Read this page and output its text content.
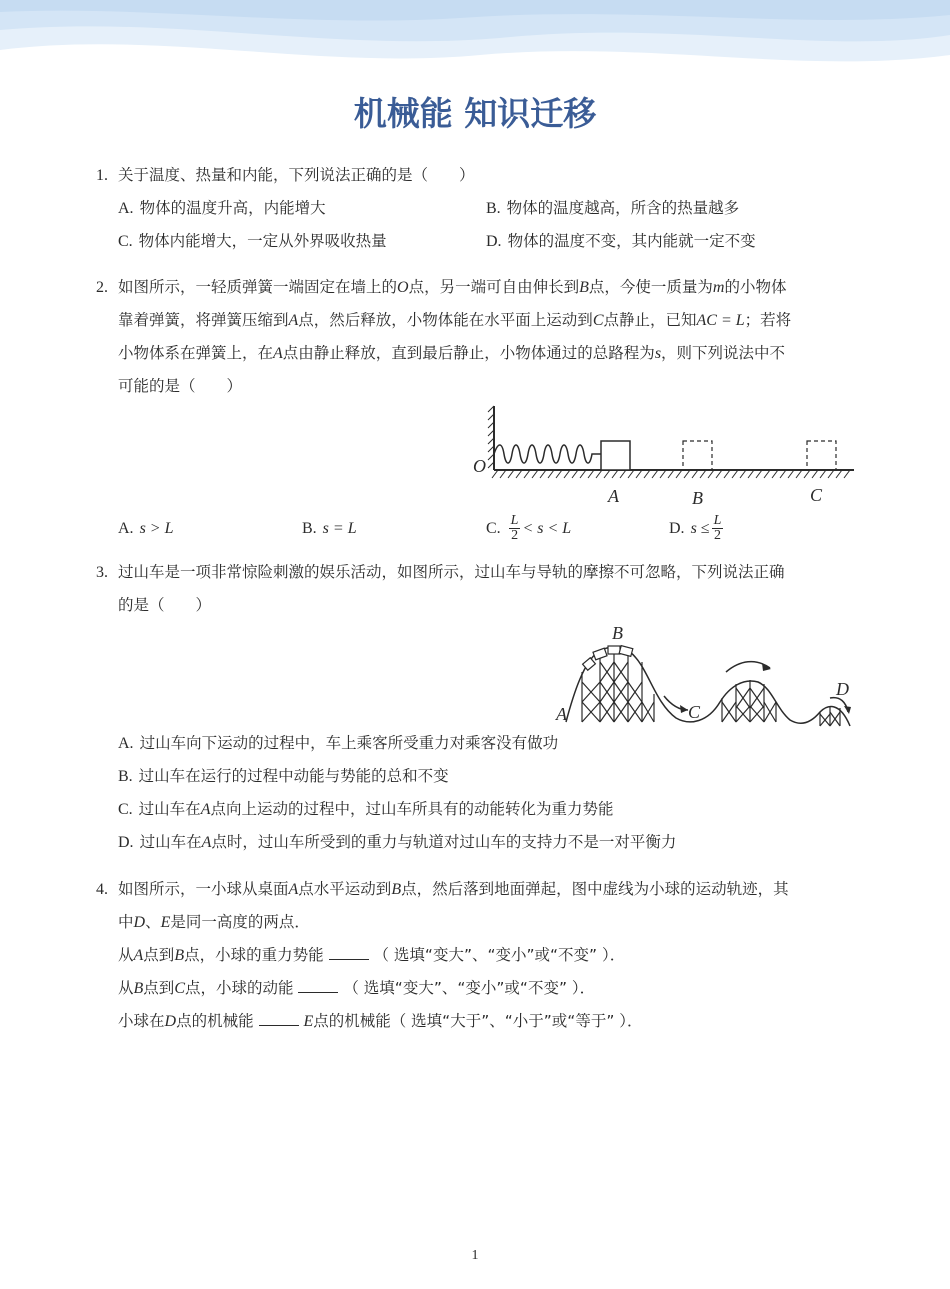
机械能 知识迁移
1. 关于温度、热量和内能，下列说法正确的是（　　）
A. 物体的温度升高，内能增大	B. 物体的温度越高，所含的热量越多
C. 物体内能增大，一定从外界吸收热量	D. 物体的温度不变，其内能就一定不变
2. 如图所示，一轻质弹簧一端固定在墙上的O点，另一端可自由伸长到B点，今使一质量为m的小物体
靠着弹簧，将弹簧压缩到A点，然后释放，小物体能在水平面上运动到C点静止，已知AC = L；若将
小物体系在弹簧上，在A点由静止释放，直到最后静止，小物体通过的总路程为s，则下列说法中不
可能的是（　　）
O
A	B	C
A. s > L	B. s = L	C. $\frac{L}{2} < s < L$	D. $s \le \frac{L}{2}$
3. 过山车是一项非常惊险刺激的娱乐活动，如图所示，过山车与导轨的摩擦不可忽略，下列说法正确
的是（　　）
A
B
C
D
A. 过山车向下运动的过程中，车上乘客所受重力对乘客没有做功
B. 过山车在运行的过程中动能与势能的总和不变
C. 过山车在A点向上运动的过程中，过山车所具有的动能转化为重力势能
D. 过山车在A点时，过山车所受到的重力与轨道对过山车的支持力不是一对平衡力
4. 如图所示，一小球从桌面A点水平运动到B点，然后落到地面弹起，图中虚线为小球的运动轨迹，其
中D、E是同一高度的两点．
从A点到B点，小球的重力势能	（ 选填“变大”、“变小”或“不变” ）．
从B点到C点，小球的动能	（ 选填“变大”、“变小”或“不变” ）．
小球在D点的机械能	E点的机械能（ 选填“大于”、“小于”或“等于” ）．
1
